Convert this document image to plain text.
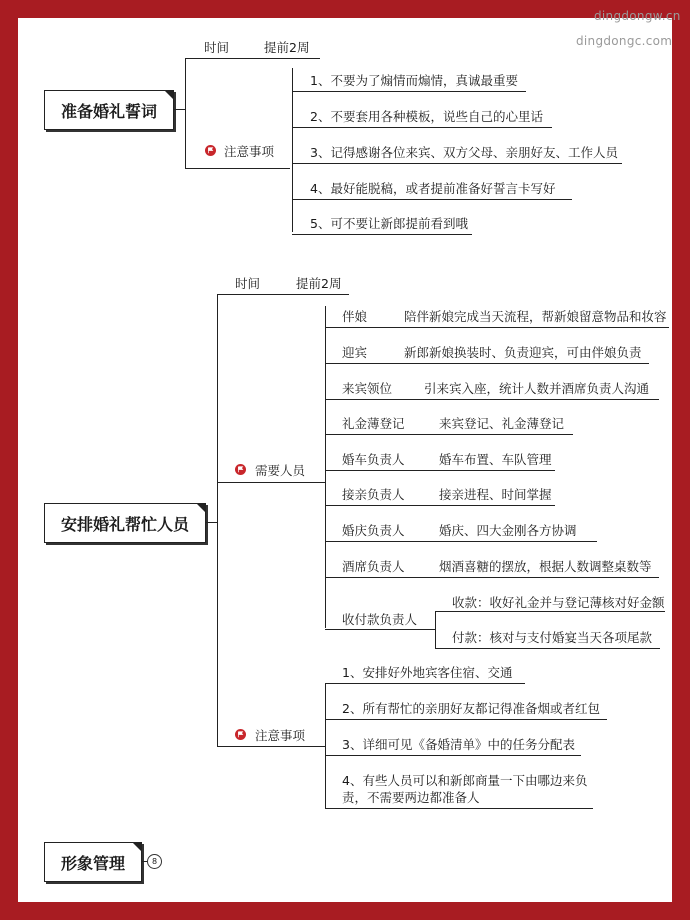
dingdongw.cn
dingdongc.com
准备婚礼誓词
时间	提前2周
注意事项
1、不要为了煽情而煽情，真诚最重要
2、不要套用各种模板，说些自己的心里话
3、记得感谢各位来宾、双方父母、亲朋好友、工作人员
4、最好能脱稿，或者提前准备好誓言卡写好
5、可不要让新郎提前看到哦
安排婚礼帮忙人员
时间	提前2周
需要人员
伴娘	陪伴新娘完成当天流程，帮新娘留意物品和妆容
迎宾	新郎新娘换装时、负责迎宾，可由伴娘负责
来宾领位	引来宾入座，统计人数并酒席负责人沟通
礼金薄登记	来宾登记、礼金薄登记
婚车负责人	婚车布置、车队管理
接亲负责人	接亲进程、时间掌握
婚庆负责人	婚庆、四大金刚各方协调
酒席负责人	烟酒喜糖的摆放，根据人数调整桌数等
收付款负责人
收款：收好礼金并与登记薄核对好金额
付款：核对与支付婚宴当天各项尾款
注意事项
1、安排好外地宾客住宿、交通
2、所有帮忙的亲朋好友都记得准备烟或者红包
3、详细可见《备婚清单》中的任务分配表
4、有些人员可以和新郎商量一下由哪边来负
责，不需要两边都准备人
形象管理	8
